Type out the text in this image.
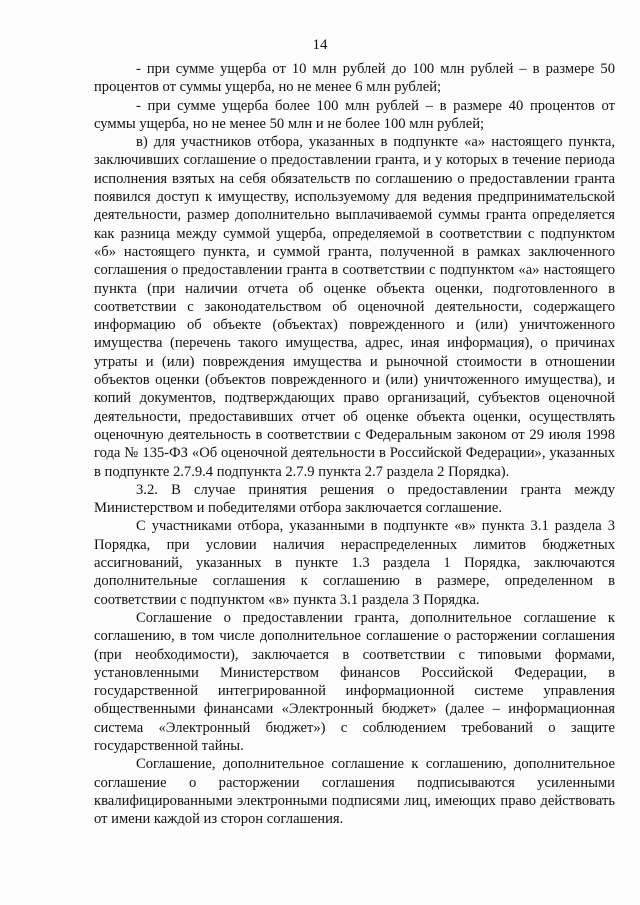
14

- при сумме ущерба от 10 млн рублей до 100 млн рублей – в размере 50 процентов от суммы ущерба, но не менее 6 млн рублей;

- при сумме ущерба более 100 млн рублей – в размере 40 процентов от суммы ущерба, но не менее 50 млн и не более 100 млн рублей;

в) для участников отбора, указанных в подпункте «а» настоящего пункта, заключивших соглашение о предоставлении гранта, и у которых в течение периода исполнения взятых на себя обязательств по соглашению о предоставлении гранта появился доступ к имуществу, используемому для ведения предпринимательской деятельности, размер дополнительно выплачиваемой суммы гранта определяется как разница между суммой ущерба, определяемой в соответствии с подпунктом «б» настоящего пункта, и суммой гранта, полученной в рамках заключенного соглашения о предоставлении гранта в соответствии с подпунктом «а» настоящего пункта (при наличии отчета об оценке объекта оценки, подготовленного в соответствии с законодательством об оценочной деятельности, содержащего информацию об объекте (объектах) поврежденного и (или) уничтоженного имущества (перечень такого имущества, адрес, иная информация), о причинах утраты и (или) повреждения имущества и рыночной стоимости в отношении объектов оценки (объектов поврежденного и (или) уничтоженного имущества), и копий документов, подтверждающих право организаций, субъектов оценочной деятельности, предоставивших отчет об оценке объекта оценки, осуществлять оценочную деятельность в соответствии с Федеральным законом от 29 июля 1998 года № 135-ФЗ «Об оценочной деятельности в Российской Федерации», указанных в подпункте 2.7.9.4 подпункта 2.7.9 пункта 2.7 раздела 2 Порядка).

3.2. В случае принятия решения о предоставлении гранта между Министерством и победителями отбора заключается соглашение.

С участниками отбора, указанными в подпункте «в» пункта 3.1 раздела 3 Порядка, при условии наличия нераспределенных лимитов бюджетных ассигнований, указанных в пункте 1.3 раздела 1 Порядка, заключаются дополнительные соглашения к соглашению в размере, определенном в соответствии с подпунктом «в» пункта 3.1 раздела 3 Порядка.

Соглашение о предоставлении гранта, дополнительное соглашение к соглашению, в том числе дополнительное соглашение о расторжении соглашения (при необходимости), заключается в соответствии с типовыми формами, установленными Министерством финансов Российской Федерации, в государственной интегрированной информационной системе управления общественными финансами «Электронный бюджет» (далее – информационная система «Электронный бюджет») с соблюдением требований о защите государственной тайны.

Соглашение, дополнительное соглашение к соглашению, дополнительное соглашение о расторжении соглашения подписываются усиленными квалифицированными электронными подписями лиц, имеющих право действовать от имени каждой из сторон соглашения.
